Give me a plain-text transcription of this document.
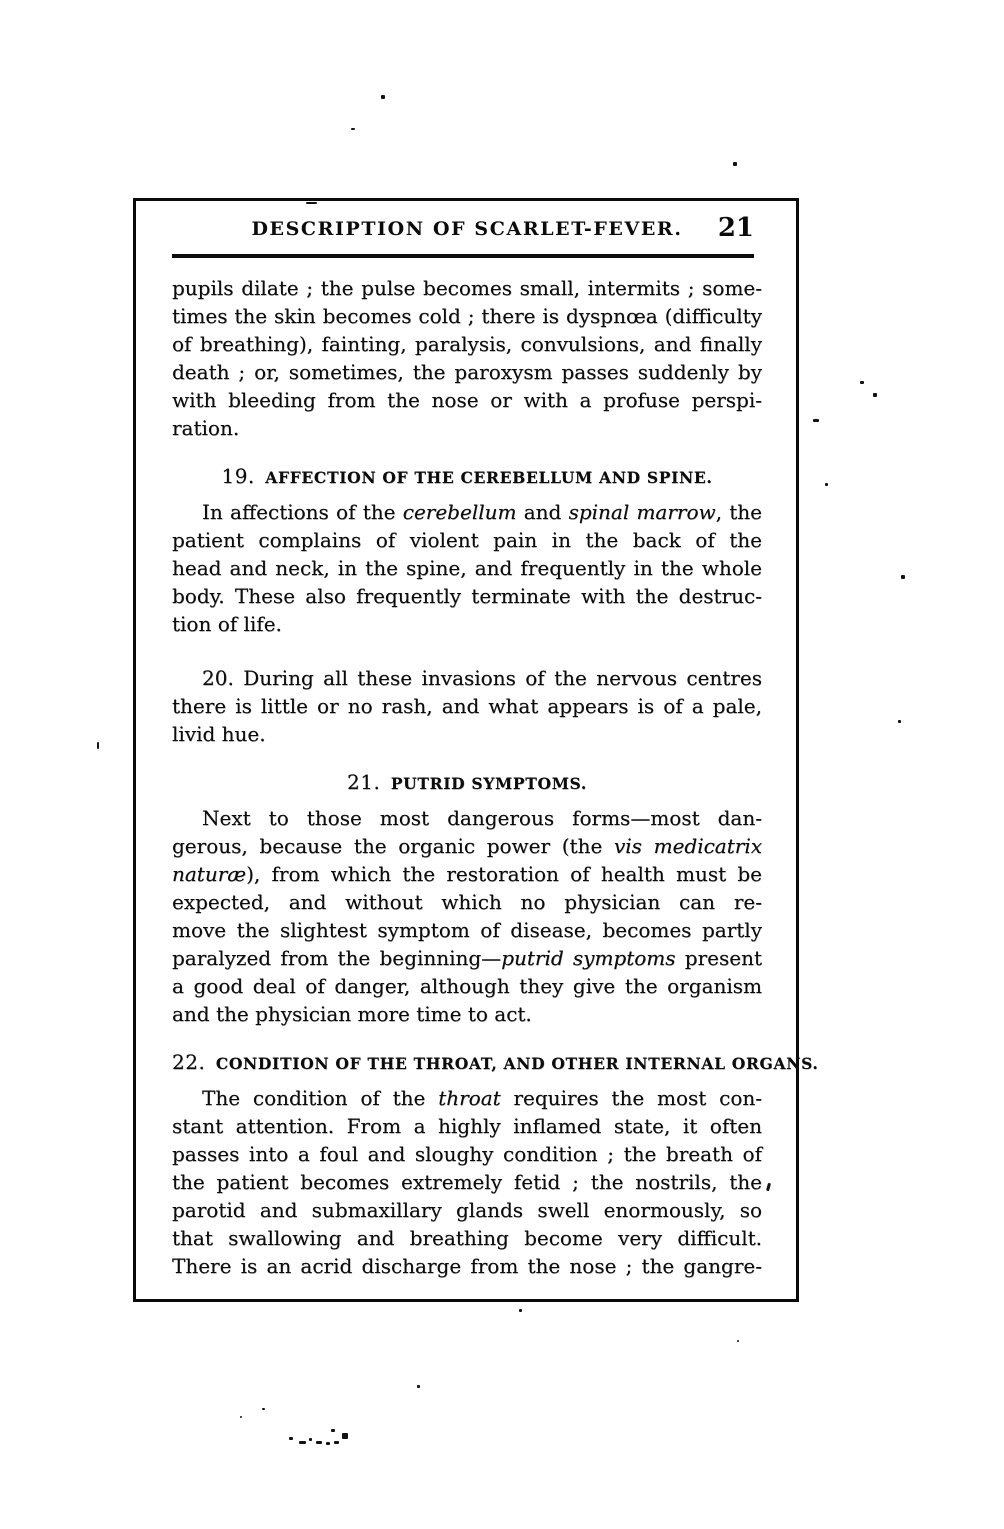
DESCRIPTION OF SCARLET-FEVER.	21
pupils dilate ; the pulse becomes small, intermits ; some-
times the skin becomes cold ; there is dyspnœa (difficulty
of breathing), fainting, paralysis, convulsions, and finally
death ; or, sometimes, the paroxysm passes suddenly by
with bleeding from the nose or with a profuse perspi-
ration.
19. AFFECTION OF THE CEREBELLUM AND SPINE.
In affections of the cerebellum and spinal marrow, the
patient complains of violent pain in the back of the
head and neck, in the spine, and frequently in the whole
body. These also frequently terminate with the destruc-
tion of life.
20. During all these invasions of the nervous centres
there is little or no rash, and what appears is of a pale,
livid hue.
21. PUTRID SYMPTOMS.
Next to those most dangerous forms—most dan-
gerous, because the organic power (the vis medicatrix
naturæ), from which the restoration of health must be
expected, and without which no physician can re-
move the slightest symptom of disease, becomes partly
paralyzed from the beginning—putrid symptoms present
a good deal of danger, although they give the organism
and the physician more time to act.
22. CONDITION OF THE THROAT, AND OTHER INTERNAL ORGANS.
The condition of the throat requires the most con-
stant attention. From a highly inflamed state, it often
passes into a foul and sloughy condition ; the breath of
the patient becomes extremely fetid ; the nostrils, the
parotid and submaxillary glands swell enormously, so
that swallowing and breathing become very difficult.
There is an acrid discharge from the nose ; the gangre-
